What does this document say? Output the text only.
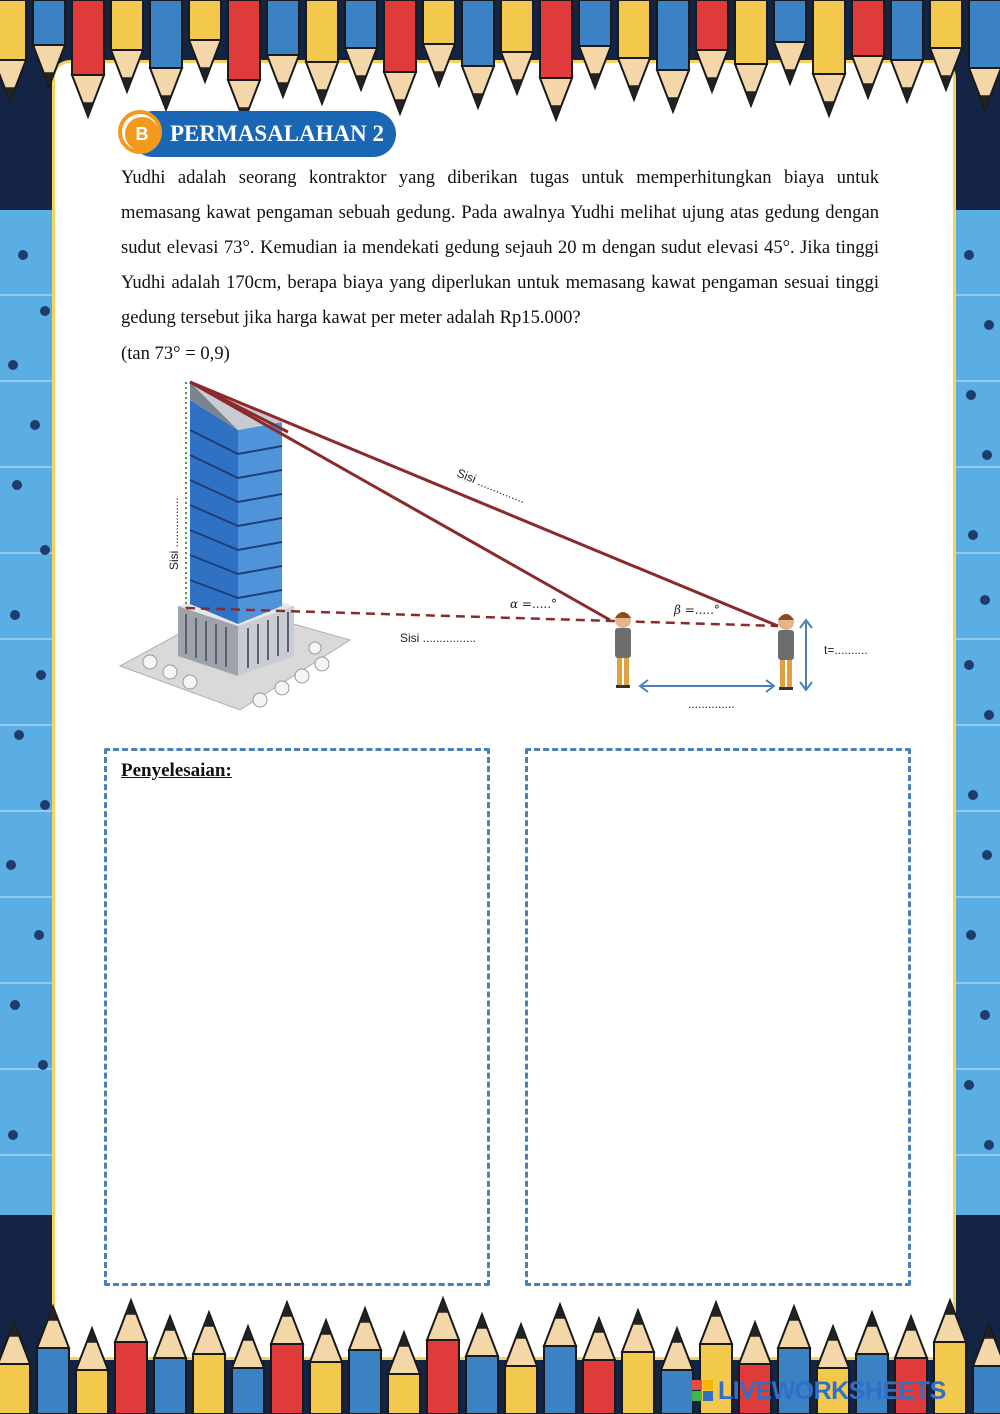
B PERMASALAHAN 2

Yudhi adalah seorang kontraktor yang diberikan tugas untuk memperhitungkan biaya untuk memasang kawat pengaman sebuah gedung. Pada awalnya Yudhi melihat ujung atas gedung dengan sudut elevasi 73°. Kemudian ia mendekati gedung sejauh 20 m dengan sudut elevasi 45°. Jika tinggi Yudhi adalah 170cm, berapa biaya yang diperlukan untuk memasang kawat pengaman sesuai tinggi gedung tersebut jika harga kawat per meter adalah Rp15.000?

(tan 73° = 0,9)
Sisi ...............
Sisi ...............
Sisi ................
α =.....°	β =.....°
t=..........
..............
Penyelesaian:
LIVEWORKSHEETS
